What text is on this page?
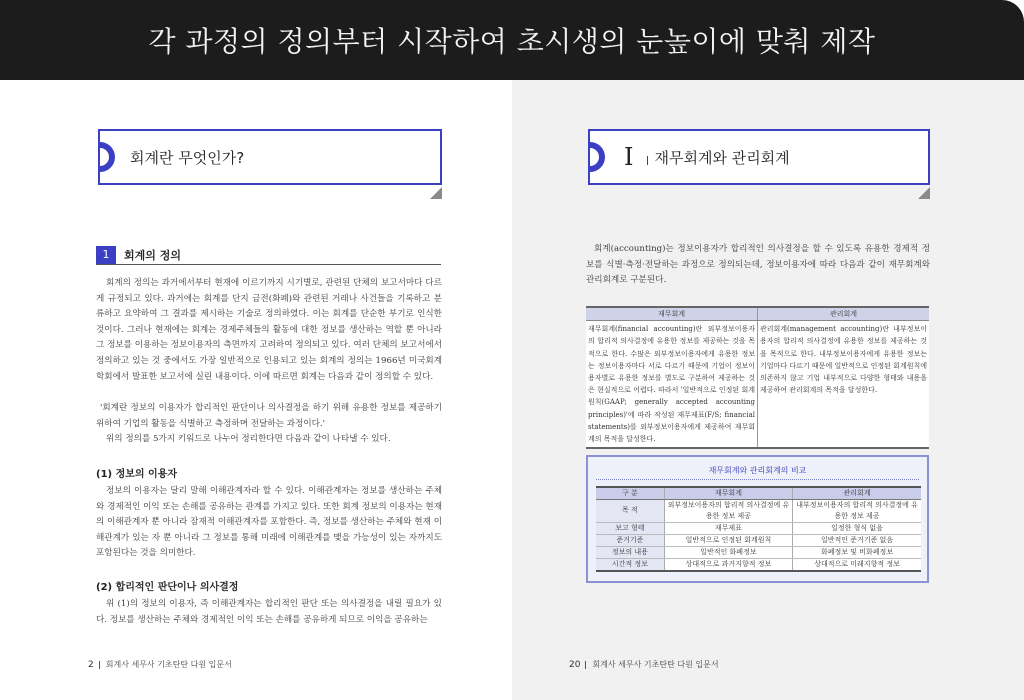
각 과정의 정의부터 시작하여 초시생의 눈높이에 맞춰 제작
회계란 무엇인가?
1	회계의 정의
회계의 정의는 과거에서부터 현재에 이르기까지 시기별로, 관련된 단체의 보고서마다 다르게 규정되고 있다. 과거에는 회계를 단지 금전(화폐)와 관련된 거래나 사건들을 기록하고 분류하고 요약하여 그 결과를 제시하는 기술로 정의하였다. 이는 회계를 단순한 부기로 인식한 것이다. 그러나 현재에는 회계는 경제주체들의 활동에 대한 정보를 생산하는 역할 뿐 아니라 그 정보를 이용하는 정보이용자의 측면까지 고려하여 정의되고 있다. 여러 단체의 보고서에서 정의하고 있는 것 중에서도 가장 일반적으로 인용되고 있는 회계의 정의는 1966년 미국회계학회에서 발표한 보고서에 실린 내용이다. 이에 따르면 회계는 다음과 같이 정의할 수 있다.
'회계란 정보의 이용자가 합리적인 판단이나 의사결정을 하기 위해 유용한 정보를 제공하기 위하여 기업의 활동을 식별하고 측정하며 전달하는 과정이다.'
위의 정의를 5가지 키워드로 나누어 정리한다면 다음과 같이 나타낼 수 있다.
(1) 정보의 이용자
정보의 이용자는 달리 말해 이해관계자라 할 수 있다. 이해관계자는 정보를 생산하는 주체와 경제적인 이익 또는 손해를 공유하는 관계를 가지고 있다. 또한 회계 정보의 이용자는 현재의 이해관계자 뿐 아니라 잠재적 이해관계자를 포함한다. 즉, 정보를 생산하는 주체와 현재 이해관계가 있는 자 뿐 아니라 그 정보를 통해 미래에 이해관계를 맺을 가능성이 있는 자까지도 포함된다는 것을 의미한다.
(2) 합리적인 판단이나 의사결정
위 (1)의 정보의 이용자, 즉 이해관계자는 합리적인 판단 또는 의사결정을 내릴 필요가 있다. 정보를 생산하는 주체와 경제적인 이익 또는 손해를 공유하게 되므로 이익을 공유하는
2 회계사 세무사 기초탄탄 다원 입문서
I 재무회계와 관리회계
회계(accounting)는 정보이용자가 합리적인 의사결정을 할 수 있도록 유용한 경제적 정보를 식별·측정·전달하는 과정으로 정의되는데, 정보이용자에 따라 다음과 같이 재무회계와 관리회계로 구분된다.
재무회계	관리회계
재무회계(financial accounting)란 외부정보이용자의 합리적 의사결정에 유용한 정보를 제공하는 것을 목적으로 한다. 수많은 외부정보이용자에게 유용한 정보는 정보이용자마다 서로 다르기 때문에 기업이 정보이용자별로 유용한 정보를 별도로 구분하여 제공하는 것은 현실적으로 어렵다. 따라서 '일반적으로 인정된 회계원칙(GAAP; generally accepted accounting principles)'에 따라 작성된 재무제표(F/S; financial statements)를 외부정보이용자에게 제공하여 재무회계의 목적을 달성한다.	관리회계(management accounting)란 내부정보이용자의 합리적 의사결정에 유용한 정보를 제공하는 것을 목적으로 한다. 내부정보이용자에게 유용한 정보는 기업마다 다르기 때문에 일반적으로 인정된 회계원칙에 의존하지 않고 기업 내부적으로 다양한 형태와 내용을 제공하여 관리회계의 목적을 달성한다.
재무회계와 관리회계의 비교
구 분	재무회계	관리회계
목 적	외부정보이용자의 합리적 의사결정에 유용한 정보 제공	내부정보이용자의 합리적 의사결정에 유용한 정보 제공
보고 형태	재무제표	일정한 형식 없음
준거기준	일반적으로 인정된 회계원칙	일반적인 준거기준 없음
정보의 내용	일반적인 화폐정보	화폐정보 및 비화폐정보
시간적 정보	상대적으로 과거지향적 정보	상대적으로 미래지향적 정보
20 회계사 세무사 기초탄탄 다원 입문서
